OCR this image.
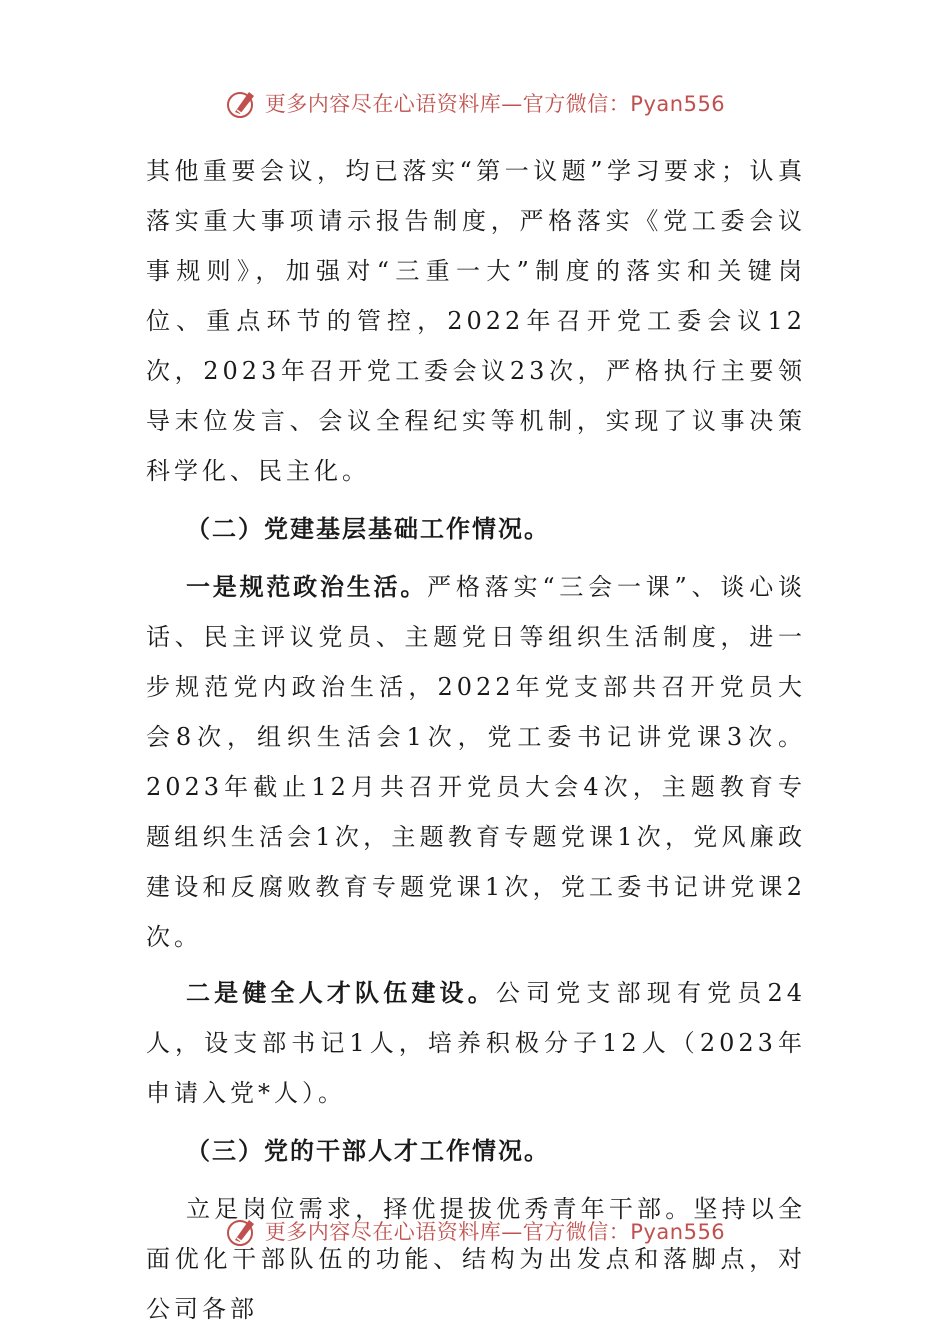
更多内容尽在心语资料库—官方微信：Pyan556

其他重要会议，均已落实“第一议题”学习要求；认真落实重大事项请示报告制度，严格落实《党工委会议事规则》，加强对“三重一大”制度的落实和关键岗位、重点环节的管控，2022年召开党工委会议12次，2023年召开党工委会议23次，严格执行主要领导末位发言、会议全程纪实等机制，实现了议事决策科学化、民主化。

（二）党建基层基础工作情况。

一是规范政治生活。严格落实“三会一课”、谈心谈话、民主评议党员、主题党日等组织生活制度，进一步规范党内政治生活，2022年党支部共召开党员大会8次，组织生活会1次，党工委书记讲党课3次。2023年截止12月共召开党员大会4次，主题教育专题组织生活会1次，主题教育专题党课1次，党风廉政建设和反腐败教育专题党课1次，党工委书记讲党课2次。

二是健全人才队伍建设。公司党支部现有党员24人，设支部书记1人，培养积极分子12人（2023年申请入党*人）。

（三）党的干部人才工作情况。

立足岗位需求，择优提拔优秀青年干部。坚持以全面优化干部队伍的功能、结构为出发点和落脚点，对公司各部

更多内容尽在心语资料库—官方微信：Pyan556
